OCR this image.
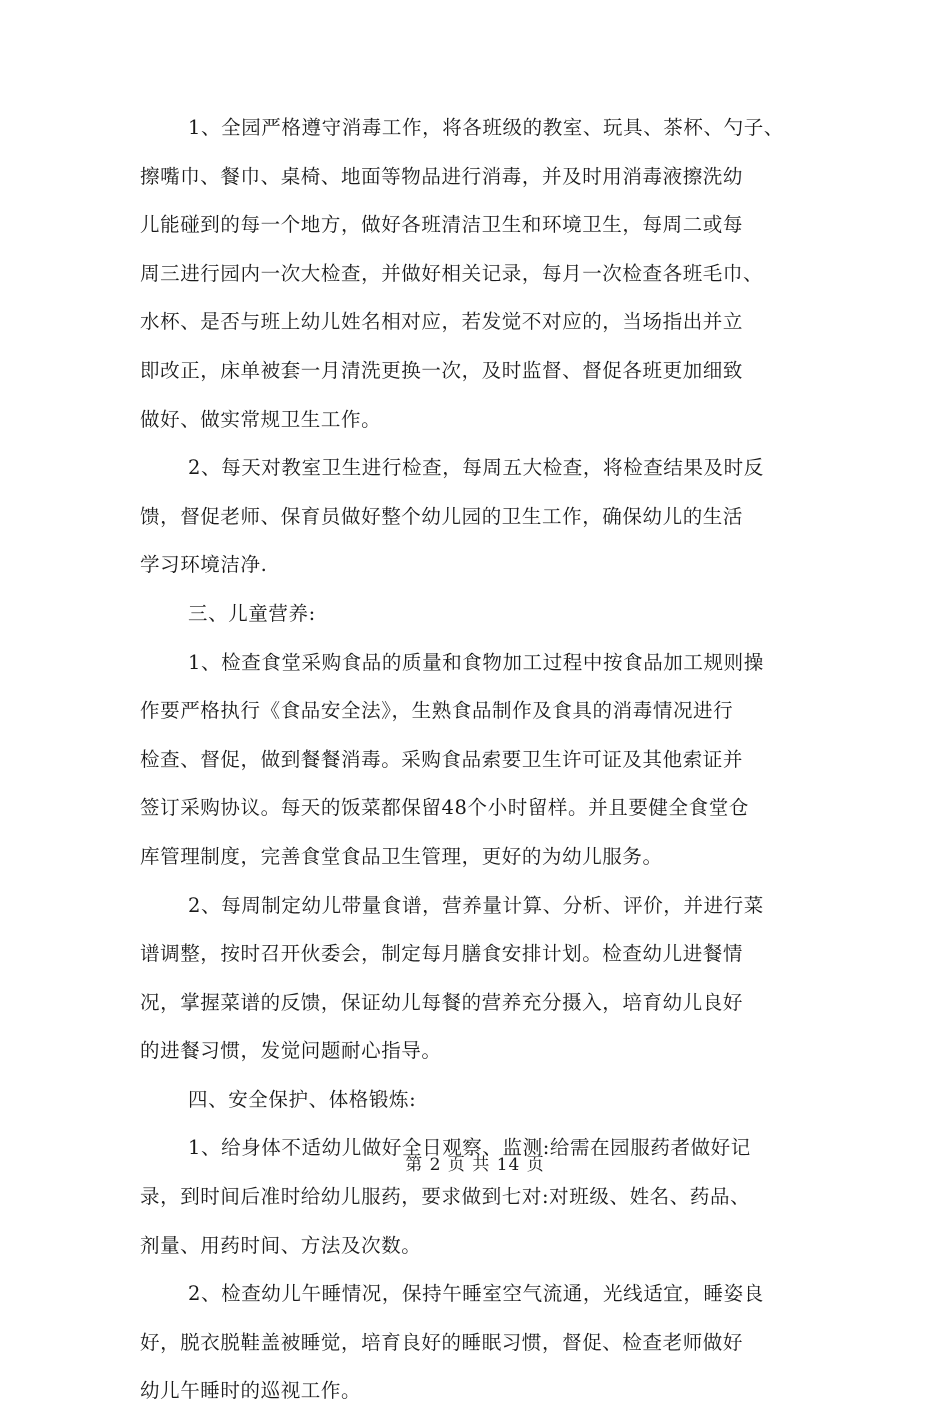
1、全园严格遵守消毒工作，将各班级的教室、玩具、茶杯、勺子、
擦嘴巾、餐巾、桌椅、地面等物品进行消毒，并及时用消毒液擦洗幼
儿能碰到的每一个地方，做好各班清洁卫生和环境卫生，每周二或每
周三进行园内一次大检查，并做好相关记录，每月一次检查各班毛巾、
水杯、是否与班上幼儿姓名相对应，若发觉不对应的，当场指出并立
即改正，床单被套一月清洗更换一次，及时监督、督促各班更加细致
做好、做实常规卫生工作。
2、每天对教室卫生进行检查，每周五大检查，将检查结果及时反
馈，督促老师、保育员做好整个幼儿园的卫生工作，确保幼儿的生活
学习环境洁净.
三、儿童营养:
1、检查食堂采购食品的质量和食物加工过程中按食品加工规则操
作要严格执行《食品安全法》，生熟食品制作及食具的消毒情况进行
检查、督促，做到餐餐消毒。采购食品索要卫生许可证及其他索证并
签订采购协议。每天的饭菜都保留48个小时留样。并且要健全食堂仓
库管理制度，完善食堂食品卫生管理，更好的为幼儿服务。
2、每周制定幼儿带量食谱，营养量计算、分析、评价，并进行菜
谱调整，按时召开伙委会，制定每月膳食安排计划。检查幼儿进餐情
况，掌握菜谱的反馈，保证幼儿每餐的营养充分摄入，培育幼儿良好
的进餐习惯，发觉问题耐心指导。
四、安全保护、体格锻炼:
1、给身体不适幼儿做好全日观察、监测:给需在园服药者做好记
录，到时间后准时给幼儿服药，要求做到七对:对班级、姓名、药品、
剂量、用药时间、方法及次数。
2、检查幼儿午睡情况，保持午睡室空气流通，光线适宜，睡姿良
好，脱衣脱鞋盖被睡觉，培育良好的睡眠习惯，督促、检查老师做好
幼儿午睡时的巡视工作。
第 2 页 共 14 页
